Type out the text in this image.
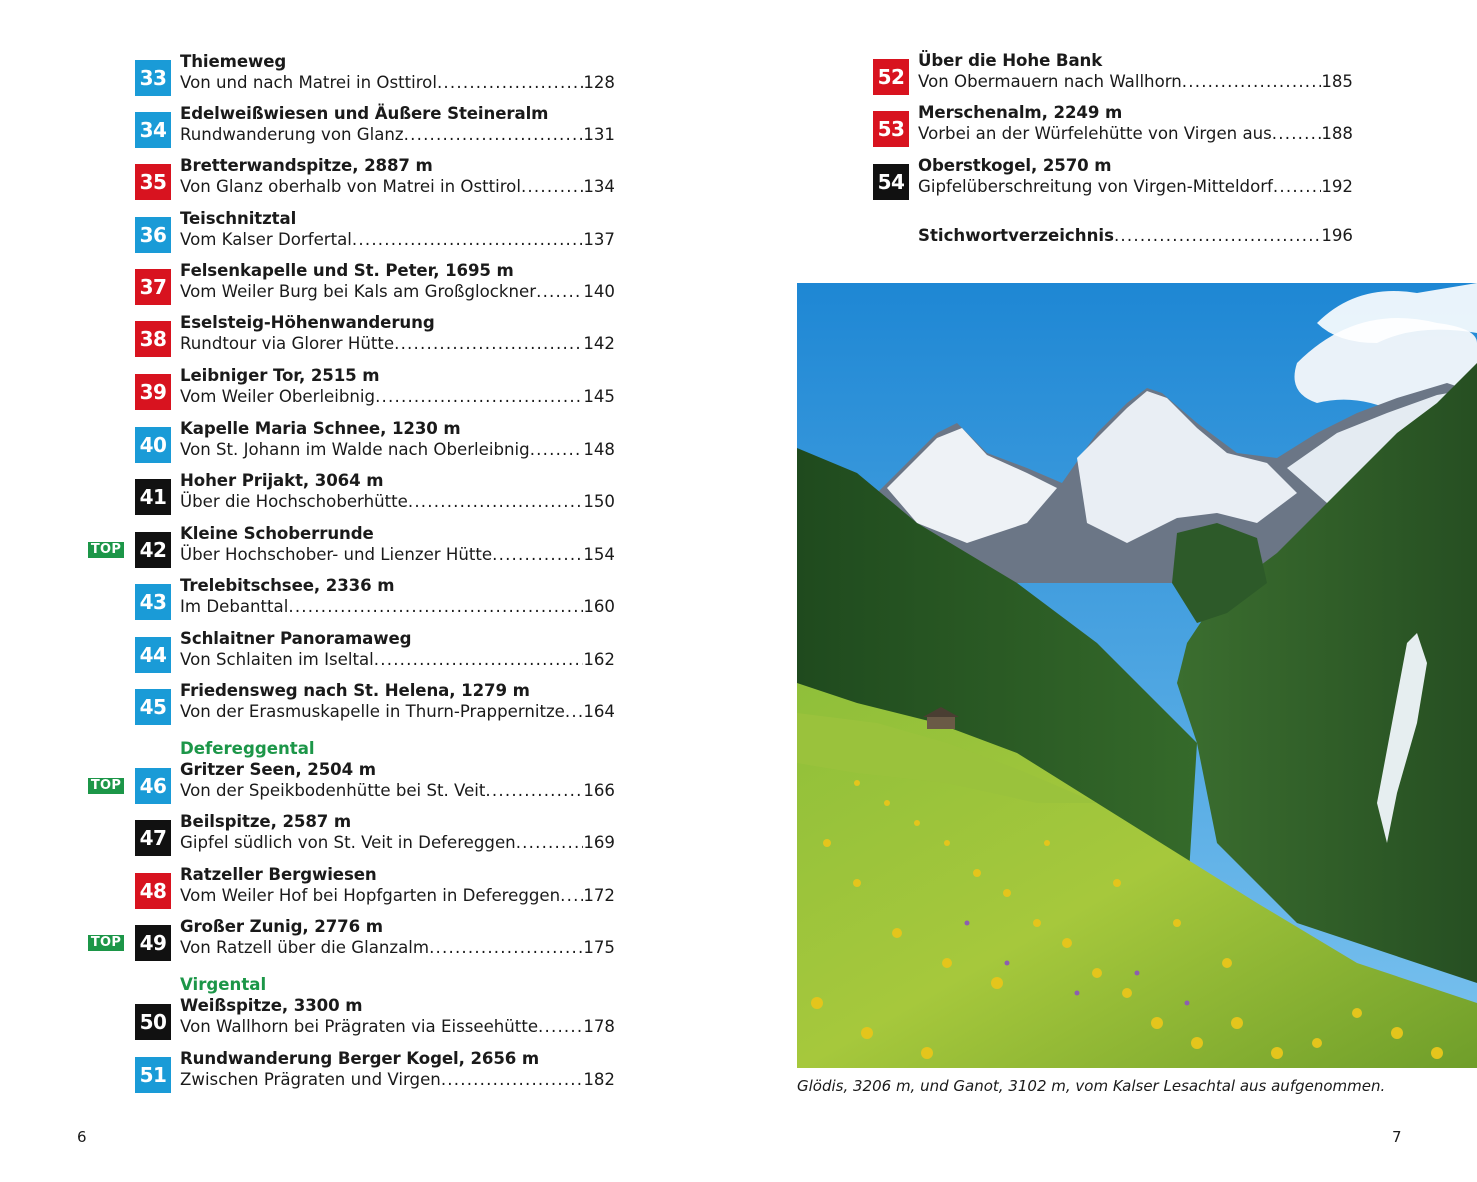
33
Thiemeweg
Von und nach Matrei in Osttirol .....	128
34
Edelweißwiesen und Äußere Steineralm
Rundwanderung von Glanz .....	131
35
Bretterwandspitze, 2887 m
Von Glanz oberhalb von Matrei in Osttirol .....	134
36
Teischnitztal
Vom Kalser Dorfertal .....	137
37
Felsenkapelle und St. Peter, 1695 m
Vom Weiler Burg bei Kals am Großglockner .....	140
38
Eselsteig-Höhenwanderung
Rundtour via Glorer Hütte .....	142
39
Leibniger Tor, 2515 m
Vom Weiler Oberleibnig .....	145
40
Kapelle Maria Schnee, 1230 m
Von St. Johann im Walde nach Oberleibnig .....	148
41
Hoher Prijakt, 3064 m
Über die Hochschoberhütte .....	150
42
Kleine Schoberrunde
Über Hochschober- und Lienzer Hütte .....	154
TOP
43
Trelebitschsee, 2336 m
Im Debanttal .....	160
44
Schlaitner Panoramaweg
Von Schlaiten im Iseltal .....	162
45
Friedensweg nach St. Helena, 1279 m
Von der Erasmuskapelle in Thurn-Prappernitze ..... 164
46
Gritzer Seen, 2504 m
Von der Speikbodenhütte bei St. Veit .....	166
TOP
47
Beilspitze, 2587 m
Gipfel südlich von St. Veit in Defereggen .....	169
48
Ratzeller Bergwiesen
Vom Weiler Hof bei Hopfgarten in Defereggen ..... 172
49
Großer Zunig, 2776 m
Von Ratzell über die Glanzalm .....	175
TOP
50
Weißspitze, 3300 m
Von Wallhorn bei Prägraten via Eisseehütte .....	178
51
Rundwanderung Berger Kogel, 2656 m
Zwischen Prägraten und Virgen .....	182
52
Über die Hohe Bank
Von Obermauern nach Wallhorn .....	185
53
Merschenalm, 2249 m
Vorbei an der Würfelehütte von Virgen aus .....	188
54
Oberstkogel, 2570 m
Gipfelüberschreitung von Virgen-Mitteldorf .....	192
Defereggental
Virgental
Stichwortverzeichnis .....	196
Glödis, 3206 m, und Ganot, 3102 m, vom Kalser Lesachtal aus aufgenommen.
6	7
